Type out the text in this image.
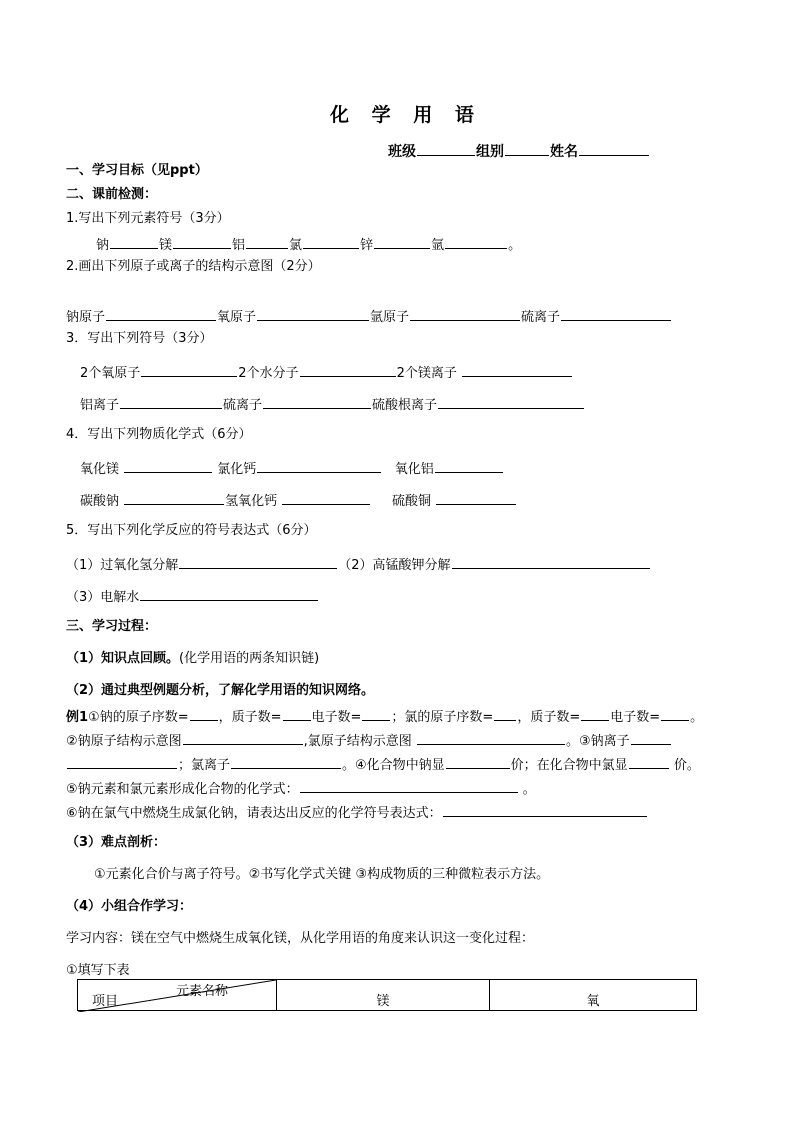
化 学 用 语
班级	组别	姓名
一、学习目标（见ppt）
二、课前检测：
1.写出下列元素符号（3分）
钠	镁	铝	氯	锌	氩	。
2.画出下列原子或离子的结构示意图（2分）
钠原子	氧原子	氩原子	硫离子
3．写出下列符号（3分）
2个氧原子	2个水分子	2个镁离子
铝离子	硫离子	硫酸根离子
4．写出下列物质化学式（6分）
氧化镁	氯化钙	氧化铝
碳酸钠	氢氧化钙	硫酸铜
5．写出下列化学反应的符号表达式（6分）
（1）过氧化氢分解	（2）高锰酸钾分解
（3）电解水
三、学习过程：
（1）知识点回顾。(化学用语的两条知识链)
（2）通过典型例题分析，了解化学用语的知识网络。
例1①钠的原子序数= ，质子数= 电子数= ；氯的原子序数= ，质子数= 电子数= 。
②钠原子结构示意图	,氯原子结构示意图	。③钠离子
；氯离子	。④化合物中钠显	价；在化合物中氯显	价。
⑤钠元素和氯元素形成化合物的化学式：	。
⑥钠在氯气中燃烧生成氯化钠，请表达出反应的化学符号表达式：
（3）难点剖析：
①元素化合价与离子符号。②书写化学式关键 ③构成物质的三种微粒表示方法。
（4）小组合作学习：
学习内容：镁在空气中燃烧生成氧化镁，从化学用语的角度来认识这一变化过程：
①填写下表
元素名称
项目	镁	氧
